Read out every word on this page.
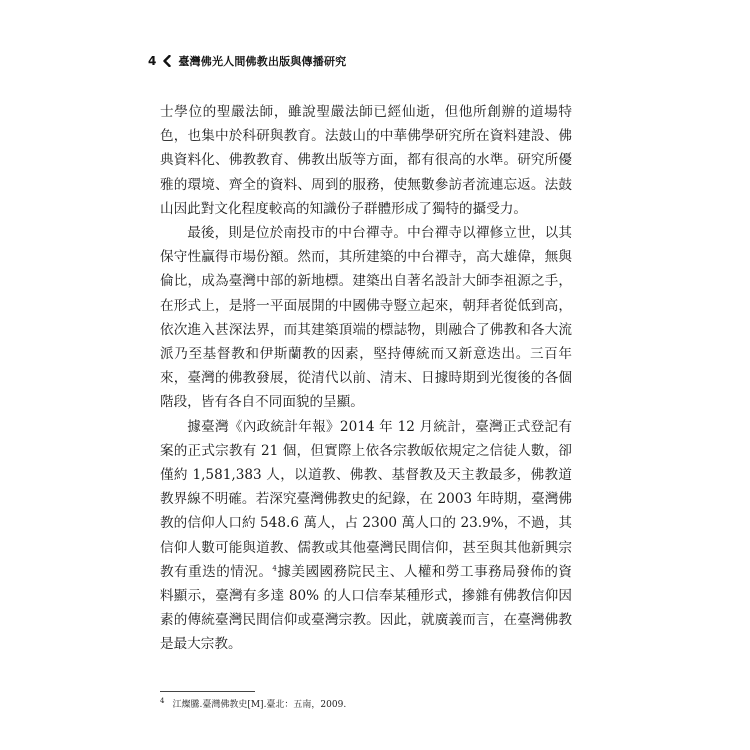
4 臺灣佛光人間佛教出版與傳播研究

士學位的聖嚴法師，雖說聖嚴法師已經仙逝，但他所創辦的道場特色，也集中於科研與教育。法鼓山的中華佛學研究所在資料建設、佛典資料化、佛教教育、佛教出版等方面，都有很高的水準。研究所優雅的環境、齊全的資料、周到的服務，使無數參訪者流連忘返。法鼓山因此對文化程度較高的知識份子群體形成了獨特的攝受力。

最後，則是位於南投市的中台禪寺。中台禪寺以禪修立世，以其保守性贏得市場份額。然而，其所建築的中台禪寺，高大雄偉，無與倫比，成為臺灣中部的新地標。建築出自著名設計大師李祖源之手，在形式上，是將一平面展開的中國佛寺豎立起來，朝拜者從低到高，依次進入甚深法界，而其建築頂端的標誌物，則融合了佛教和各大流派乃至基督教和伊斯蘭教的因素，堅持傳統而又新意迭出。三百年來，臺灣的佛教發展，從清代以前、清末、日據時期到光復後的各個階段，皆有各自不同面貌的呈顯。

據臺灣《內政統計年報》2014 年 12 月統計，臺灣正式登記有案的正式宗教有 21 個，但實際上依各宗教皈依規定之信徒人數，卻僅約 1,581,383 人，以道教、佛教、基督教及天主教最多，佛教道教界線不明確。若深究臺灣佛教史的紀錄，在 2003 年時期，臺灣佛教的信仰人口約 548.6 萬人，占 2300 萬人口的 23.9%，不過，其信仰人數可能與道教、儒教或其他臺灣民間信仰，甚至與其他新興宗教有重迭的情況。$^4$據美國國務院民主、人權和勞工事務局發佈的資料顯示，臺灣有多達 80% 的人口信奉某種形式，摻雜有佛教信仰因素的傳統臺灣民間信仰或臺灣宗教。因此，就廣義而言，在臺灣佛教是最大宗教。

$^4$ 江燦騰.臺灣佛教史[M].臺北：五南，2009.
